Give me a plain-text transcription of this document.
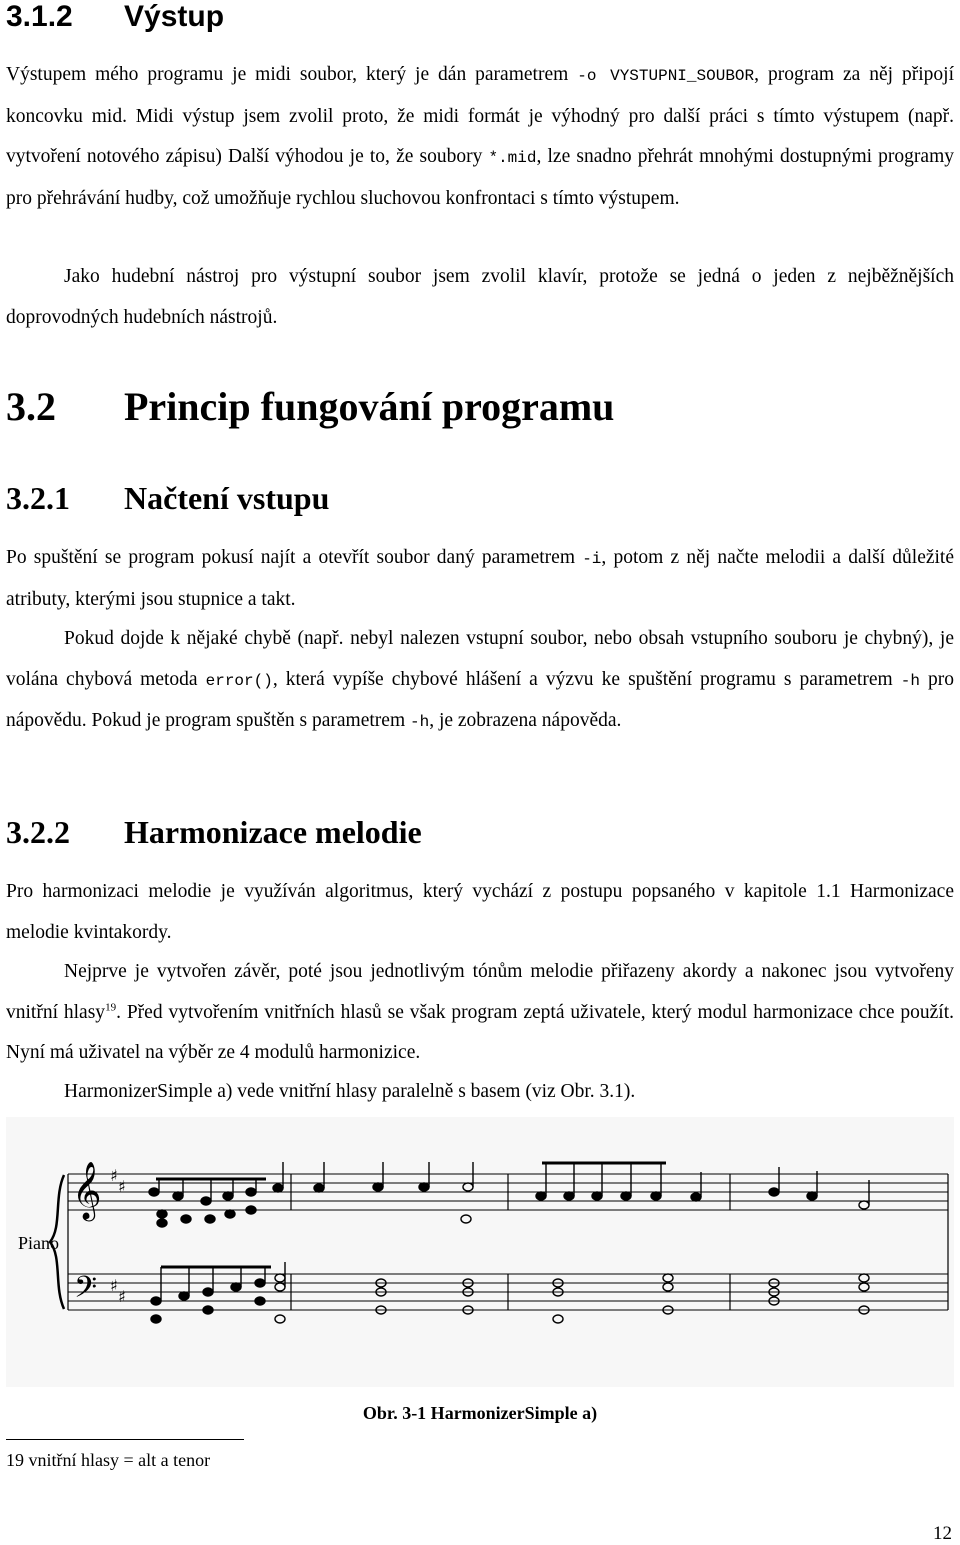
3.1.2 Výstup

Výstupem mého programu je midi soubor, který je dán parametrem -o VYSTUPNI_SOUBOR, program za něj připojí koncovku mid. Midi výstup jsem zvolil proto, že midi formát je výhodný pro další práci s tímto výstupem (např. vytvoření notového zápisu) Další výhodou je to, že soubory *.mid, lze snadno přehrát mnohými dostupnými programy pro přehrávání hudby, což umožňuje rychlou sluchovou konfrontaci s tímto výstupem.

Jako hudební nástroj pro výstupní soubor jsem zvolil klavír, protože se jedná o jeden z nejběžnějších doprovodných hudebních nástrojů.

3.2 Princip fungování programu
3.2.1 Načtení vstupu

Po spuštění se program pokusí najít a otevřít soubor daný parametrem -i, potom z něj načte melodii a další důležité atributy, kterými jsou stupnice a takt.

Pokud dojde k nějaké chybě (např. nebyl nalezen vstupní soubor, nebo obsah vstupního souboru je chybný), je volána chybová metoda error(), která vypíše chybové hlášení a výzvu ke spuštění programu s parametrem -h pro nápovědu. Pokud je program spuštěn s parametrem -h, je zobrazena nápověda.

3.2.2 Harmonizace melodie

Pro harmonizaci melodie je využíván algoritmus, který vychází z postupu popsaného v kapitole 1.1 Harmonizace melodie kvintakordy.

Nejprve je vytvořen závěr, poté jsou jednotlivým tónům melodie přiřazeny akordy a nakonec jsou vytvořeny vnitřní hlasy$^{19}$. Před vytvořením vnitřních hlasů se však program zeptá uživatele, který modul harmonizace chce použít. Nyní má uživatel na výběr ze 4 modulů harmonizice.

HarmonizerSimple a) vede vnitřní hlasy paralelně s basem (viz Obr. 3.1).

𝄞 ♯
♯
𝄢 ♯
♯
Piano
Obr. 3-1 HarmonizerSimple a)
19 vnitřní hlasy = alt a tenor
12
